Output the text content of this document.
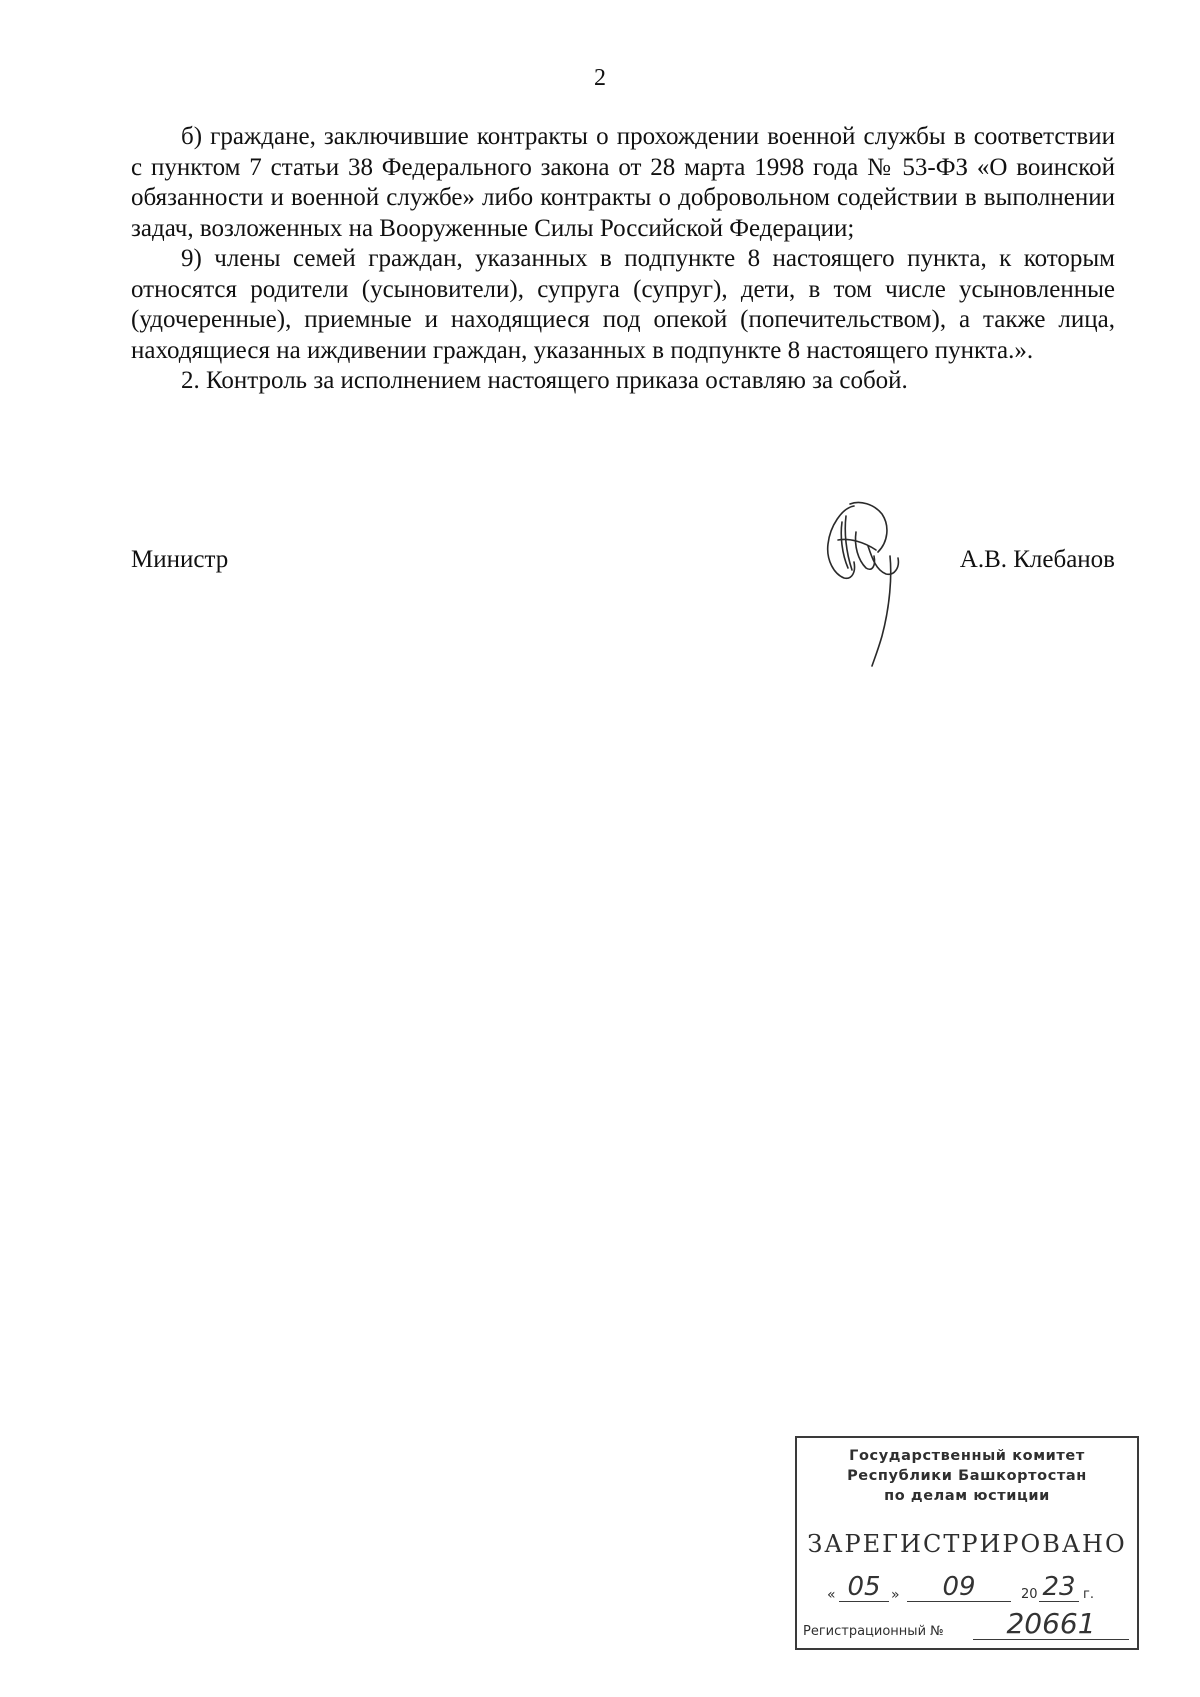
2

б) граждане, заключившие контракты о прохождении военной службы в соответствии с пунктом 7 статьи 38 Федерального закона от 28 марта 1998 года № 53-ФЗ «О воинской обязанности и военной службе» либо контракты о добровольном содействии в выполнении задач, возложенных на Вооруженные Силы Российской Федерации;

9) члены семей граждан, указанных в подпункте 8 настоящего пункта, к которым относятся родители (усыновители), супруга (супруг), дети, в том числе усыновленные (удочеренные), приемные и находящиеся под опекой (попечительством), а также лица, находящиеся на иждивении граждан, указанных в подпункте 8 настоящего пункта.».

2. Контроль за исполнением настоящего приказа оставляю за собой.

Министр	А.В. Клебанов
Государственный комитет
Республики Башкортостан
по делам юстиции
ЗАРЕГИСТРИРОВАНО
« 05 »	09	20 23 г.
Регистрационный №	20661
